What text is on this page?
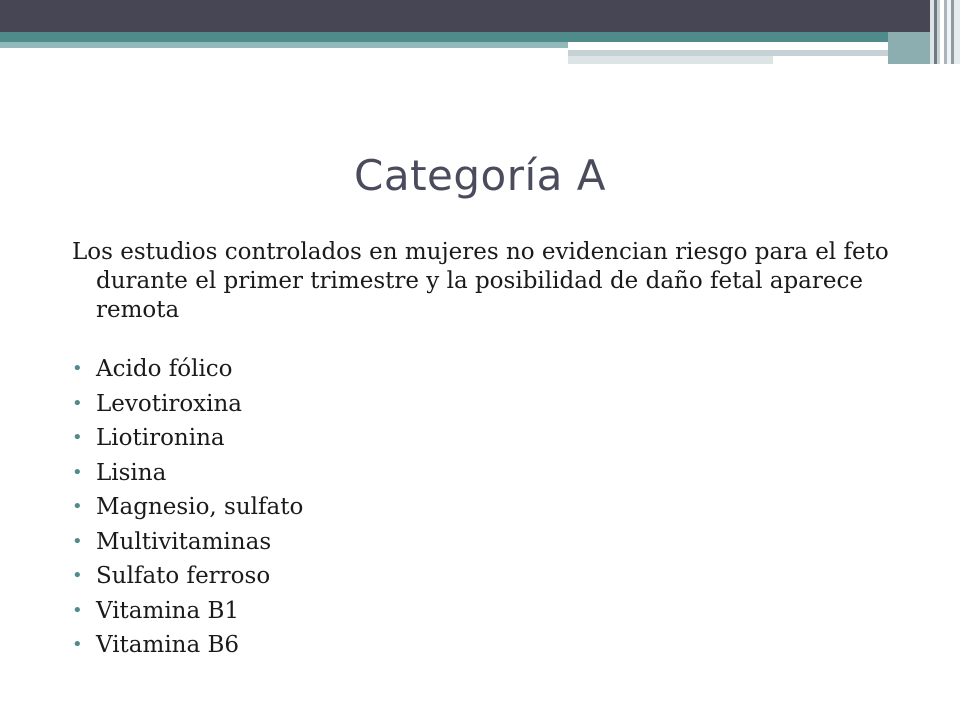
Categoría A

Los estudios controlados en mujeres no evidencian riesgo para el feto durante el primer trimestre y la posibilidad de daño fetal aparece remota

• Acido fólico
• Levotiroxina
• Liotironina
• Lisina
• Magnesio, sulfato
• Multivitaminas
• Sulfato ferroso
• Vitamina B1
• Vitamina B6
